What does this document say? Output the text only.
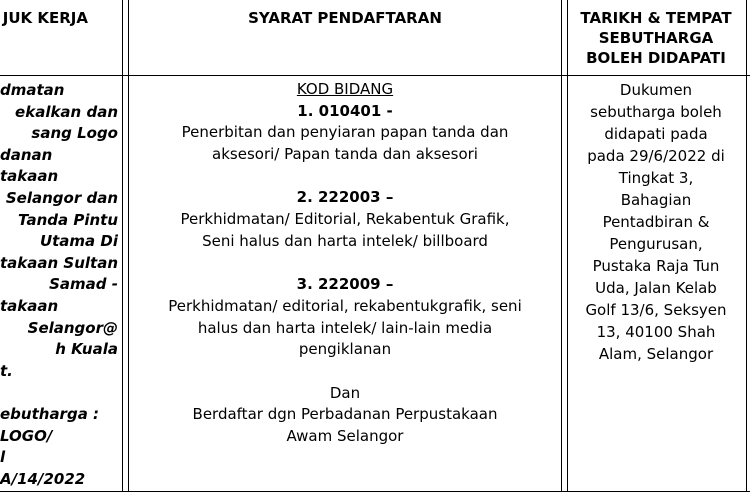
JUK KERJA	SYARAT PENDAFTARAN	TARIKH & TEMPAT
SEBUTHARGA
BOLEH DIDAPATI
dmatan
ekalkan dan
sang Logo
danan
takaan
Selangor dan
Tanda Pintu
Utama Di
takaan Sultan
Samad -
takaan
Selangor@
h Kuala
t.
ebutharga :
LOGO/
l
A/14/2022
KOD BIDANG
1. 010401 -
Penerbitan dan penyiaran papan tanda dan
aksesori/ Papan tanda dan aksesori
2. 222003 –
Perkhidmatan/ Editorial, Rekabentuk Grafik,
Seni halus dan harta intelek/ billboard
3. 222009 –
Perkhidmatan/ editorial, rekabentukgrafik, seni
halus dan harta intelek/ lain-lain media
pengiklanan
Dan
Berdaftar dgn Perbadanan Perpustakaan
Awam Selangor
Dukumen
sebutharga boleh
didapati pada
pada 29/6/2022 di
Tingkat 3,
Bahagian
Pentadbiran &
Pengurusan,
Pustaka Raja Tun
Uda, Jalan Kelab
Golf 13/6, Seksyen
13, 40100 Shah
Alam, Selangor
